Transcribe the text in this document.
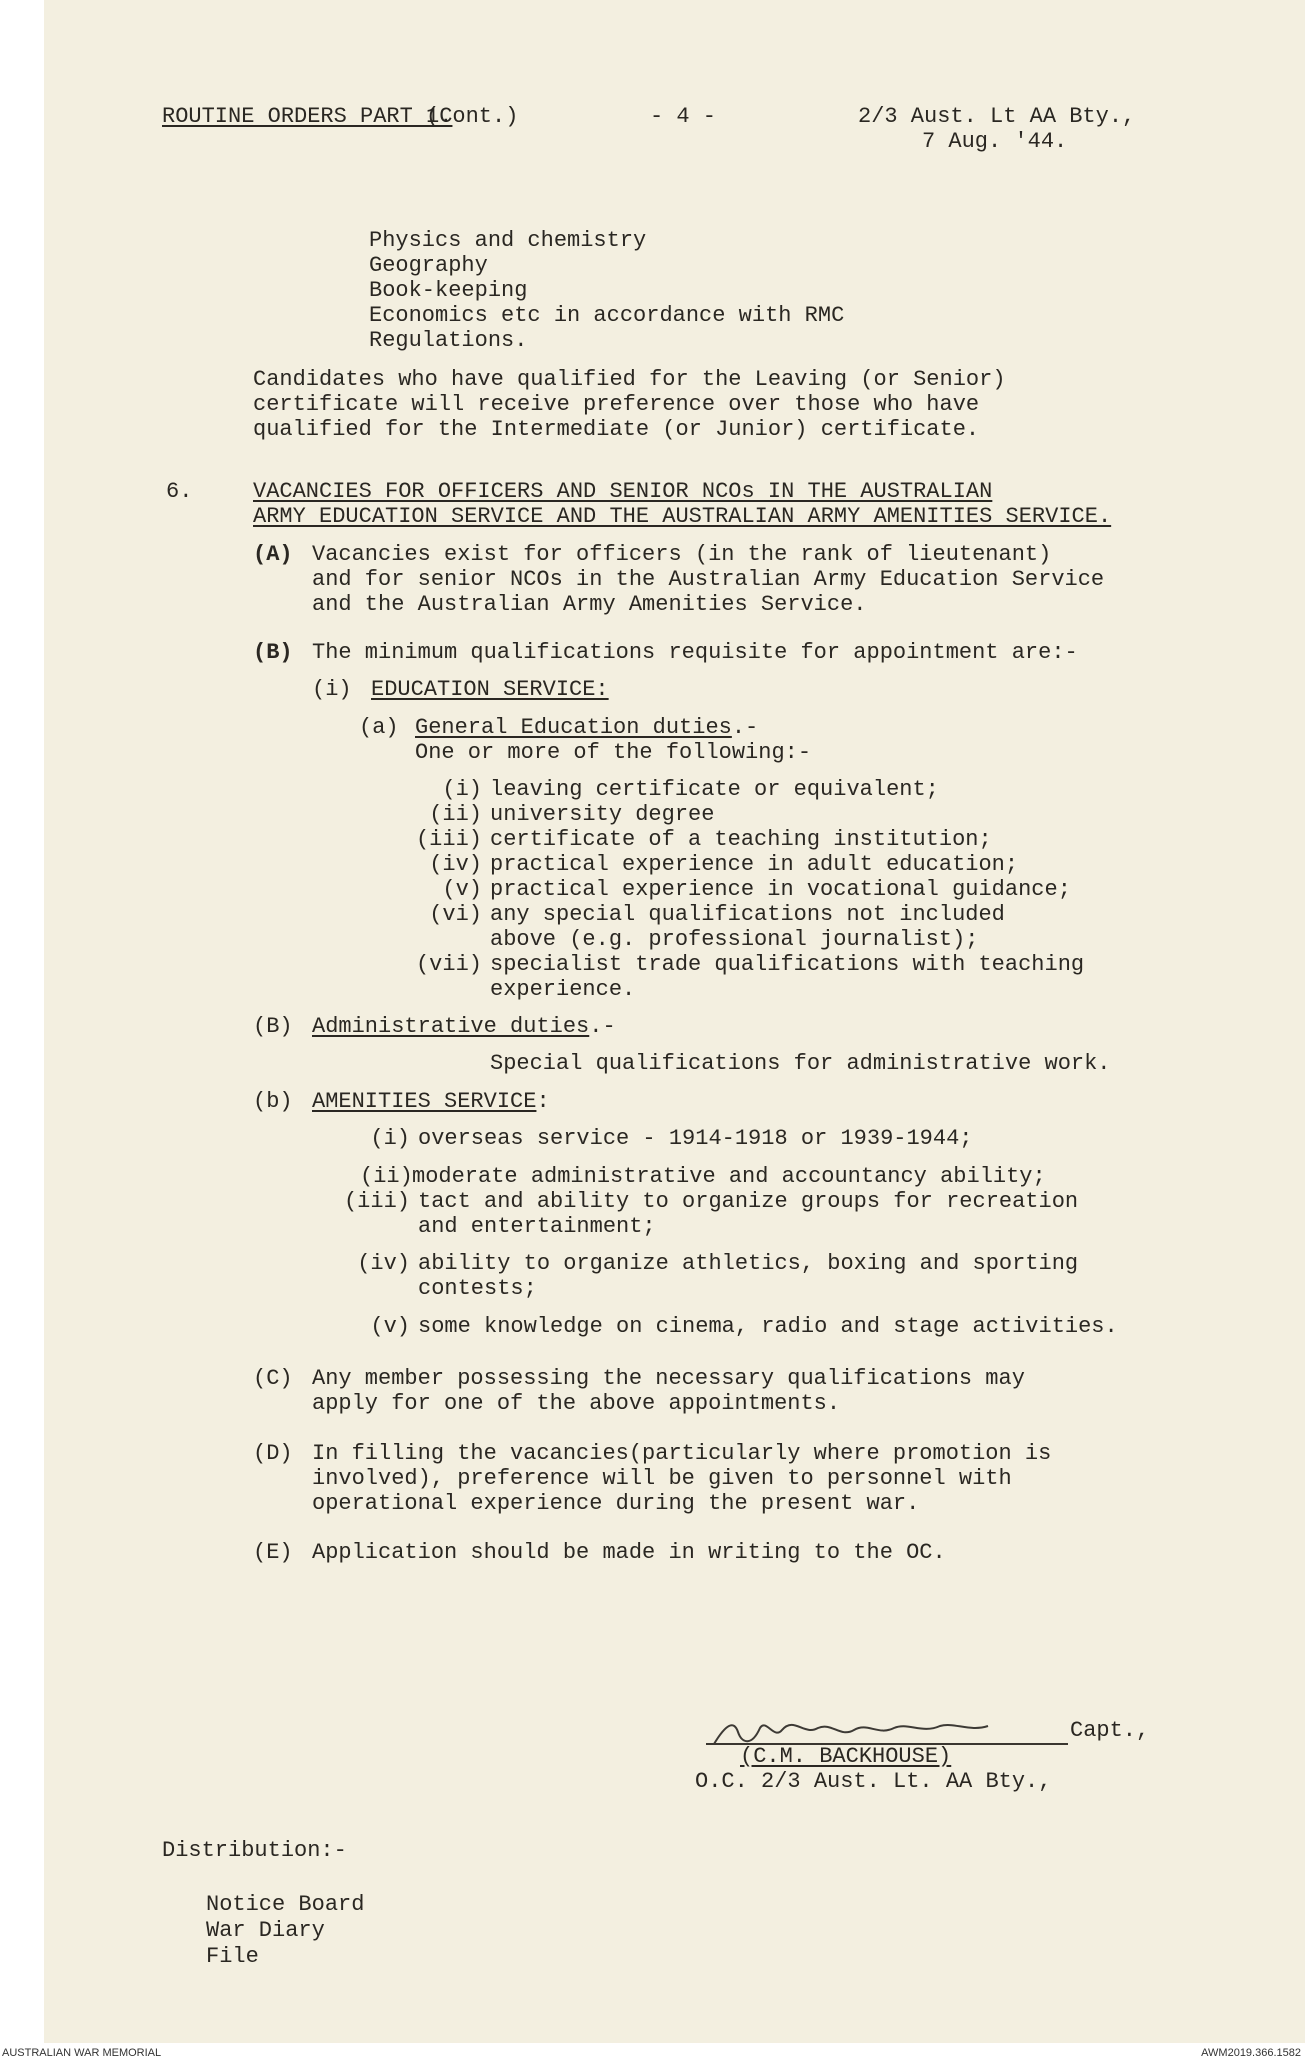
ROUTINE ORDERS PART 1.

(Cont.)	- 4 -	2/3 Aust. Lt AA Bty.,

7 Aug. '44.

Physics and chemistry

Geography

Book-keeping

Economics etc in accordance with RMC

Regulations.

Candidates who have qualified for the Leaving (or Senior)

certificate will receive preference over those who have

qualified for the Intermediate (or Junior) certificate.

6.	VACANCIES FOR OFFICERS AND SENIOR NCOs IN THE AUSTRALIAN

ARMY EDUCATION SERVICE AND THE AUSTRALIAN ARMY AMENITIES SERVICE.

(A) Vacancies exist for officers (in the rank of lieutenant)

and for senior NCOs in the Australian Army Education Service

and the Australian Army Amenities Service.

(B) The minimum qualifications requisite for appointment are:-

(i) EDUCATION SERVICE:

(a) General Education duties.-

One or more of the following:-

(i) leaving certificate or equivalent;

(ii) university degree

(iii) certificate of a teaching institution;

(iv) practical experience in adult education;

(v) practical experience in vocational guidance;

(vi) any special qualifications not included

above (e.g. professional journalist);

(vii) specialist trade qualifications with teaching

experience.

(B) Administrative duties.-

Special qualifications for administrative work.

(b) AMENITIES SERVICE:

(i) overseas service - 1914-1918 or 1939-1944;

(ii) moderate administrative and accountancy ability;

(iii) tact and ability to organize groups for recreation

and entertainment;

(iv) ability to organize athletics, boxing and sporting

contests;

(v) some knowledge on cinema, radio and stage activities.

(C) Any member possessing the necessary qualifications may

apply for one of the above appointments.

(D) In filling the vacancies(particularly where promotion is

involved), preference will be given to personnel with

operational experience during the present war.

(E) Application should be made in writing to the OC.

Capt.,

(C.M. BACKHOUSE)

O.C. 2/3 Aust. Lt. AA Bty.,

Distribution:-

Notice Board

War Diary

File

AUSTRALIAN WAR MEMORIAL	AWM2019.366.1582
